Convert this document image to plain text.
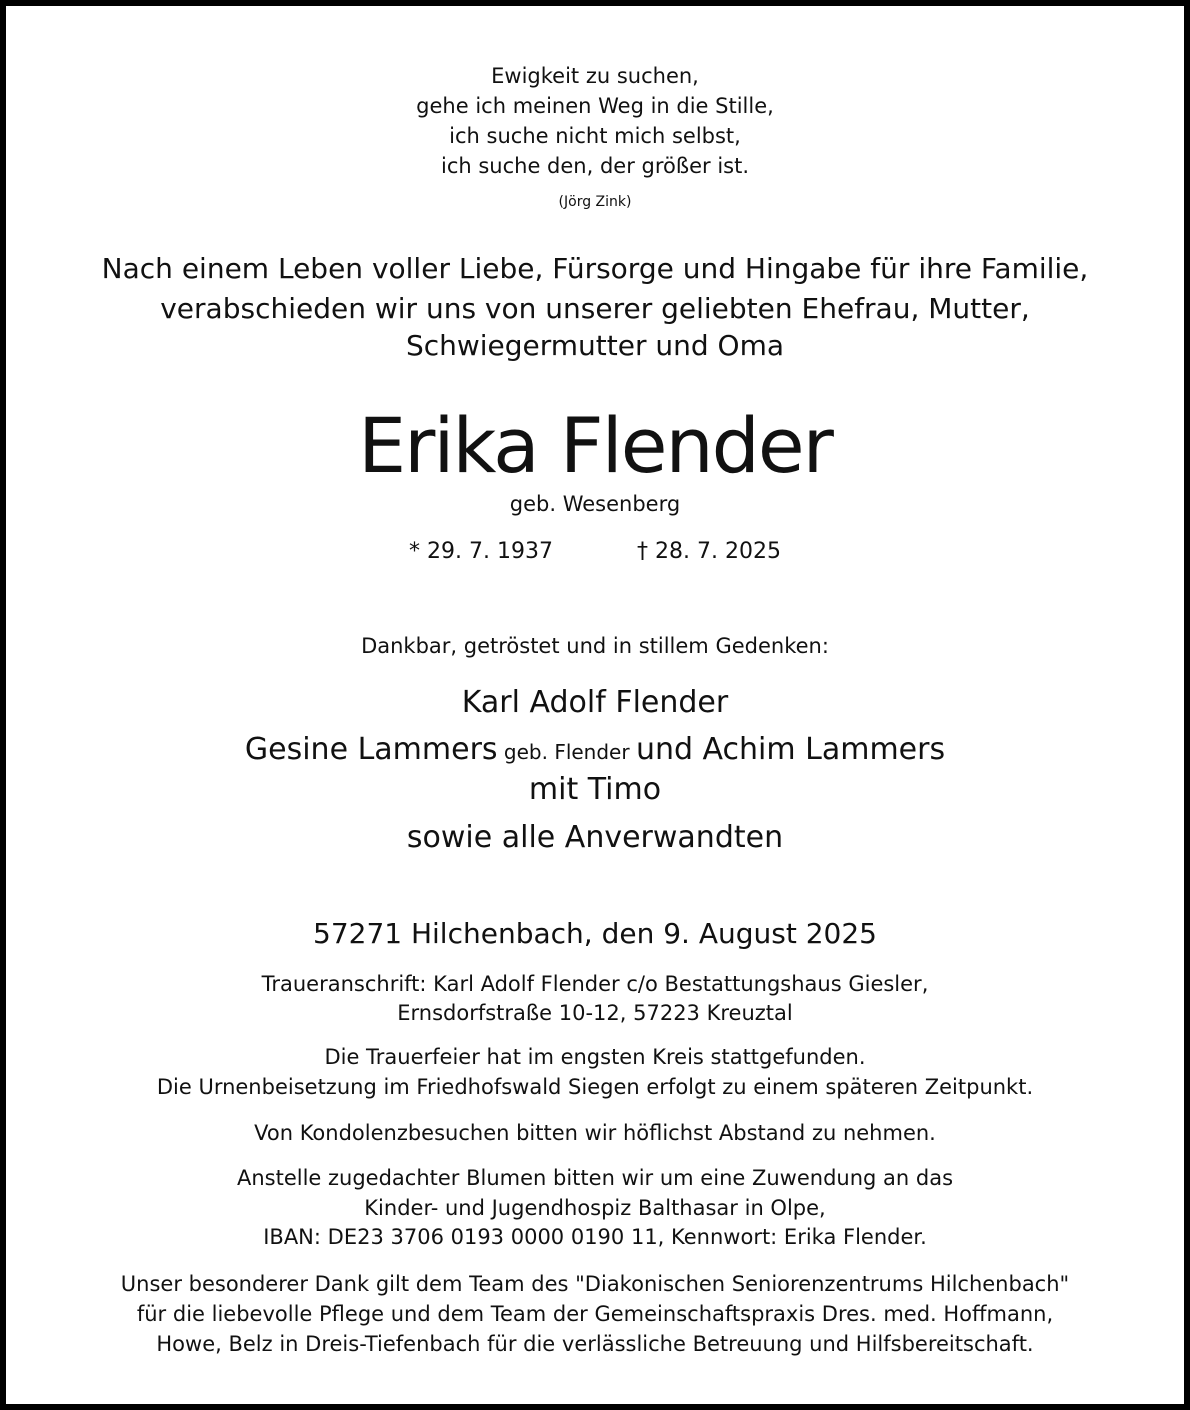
Ewigkeit zu suchen,

gehe ich meinen Weg in die Stille,

ich suche nicht mich selbst,

ich suche den, der größer ist.

(Jörg Zink)

Nach einem Leben voller Liebe, Fürsorge und Hingabe für ihre Familie,

verabschieden wir uns von unserer geliebten Ehefrau, Mutter,

Schwiegermutter und Oma

Erika Flender

geb. Wesenberg

* 29. 7. 1937	† 28. 7. 2025

Dankbar, getröstet und in stillem Gedenken:

Karl Adolf Flender

Gesine Lammers geb. Flender und Achim Lammers

mit Timo

sowie alle Anverwandten

57271 Hilchenbach, den 9. August 2025

Traueranschrift: Karl Adolf Flender c/o Bestattungshaus Giesler,

Ernsdorfstraße 10-12, 57223 Kreuztal

Die Trauerfeier hat im engsten Kreis stattgefunden.

Die Urnenbeisetzung im Friedhofswald Siegen erfolgt zu einem späteren Zeitpunkt.

Von Kondolenzbesuchen bitten wir höflichst Abstand zu nehmen.

Anstelle zugedachter Blumen bitten wir um eine Zuwendung an das

Kinder- und Jugendhospiz Balthasar in Olpe,

IBAN: DE23 3706 0193 0000 0190 11, Kennwort: Erika Flender.

Unser besonderer Dank gilt dem Team des "Diakonischen Seniorenzentrums Hilchenbach"

für die liebevolle Pflege und dem Team der Gemeinschaftspraxis Dres. med. Hoffmann,

Howe, Belz in Dreis-Tiefenbach für die verlässliche Betreuung und Hilfsbereitschaft.
